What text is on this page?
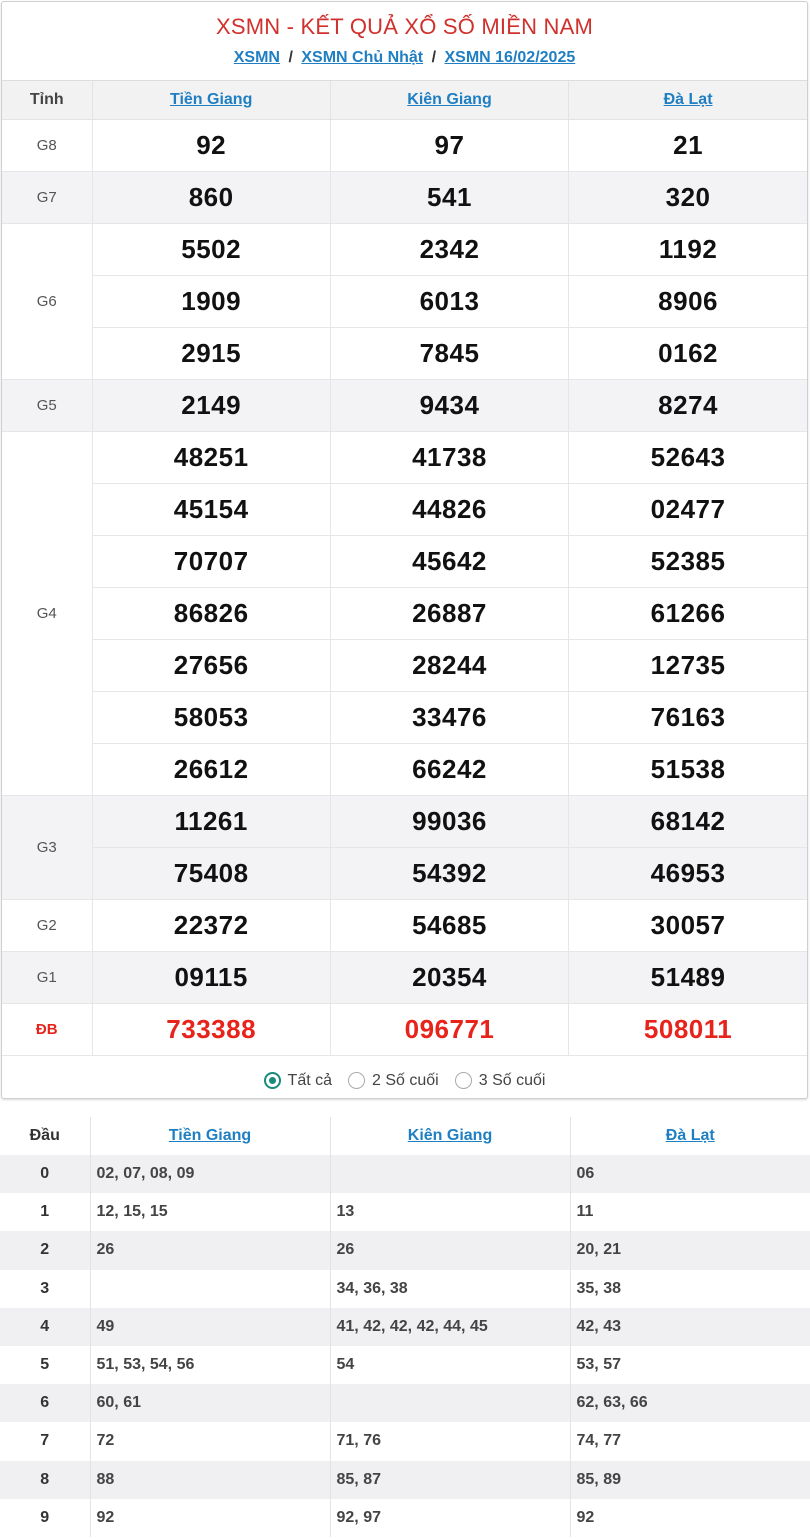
XSMN - KẾT QUẢ XỔ SỐ MIỀN NAM
XSMN / XSMN Chủ Nhật / XSMN 16/02/2025
Tỉnh	Tiền Giang	Kiên Giang	Đà Lạt
G8	92	97	21
G7	860	541	320
G6	5502	2342	1192
	1909	6013	8906
	2915	7845	0162
G5	2149	9434	8274
G4	48251	41738	52643
	45154	44826	02477
	70707	45642	52385
	86826	26887	61266
	27656	28244	12735
	58053	33476	76163
	26612	66242	51538
G3	11261	99036	68142
	75408	54392	46953
G2	22372	54685	30057
G1	09115	20354	51489
ĐB	733388	096771	508011
Tất cả	2 Số cuối	3 Số cuối
Đầu	Tiền Giang	Kiên Giang	Đà Lạt
0	02, 07, 08, 09		06
1	12, 15, 15	13	11
2	26	26	20, 21
3		34, 36, 38	35, 38
4	49	41, 42, 42, 42, 44, 45	42, 43
5	51, 53, 54, 56	54	53, 57
6	60, 61		62, 63, 66
7	72	71, 76	74, 77
8	88	85, 87	85, 89
9	92	92, 97	92
